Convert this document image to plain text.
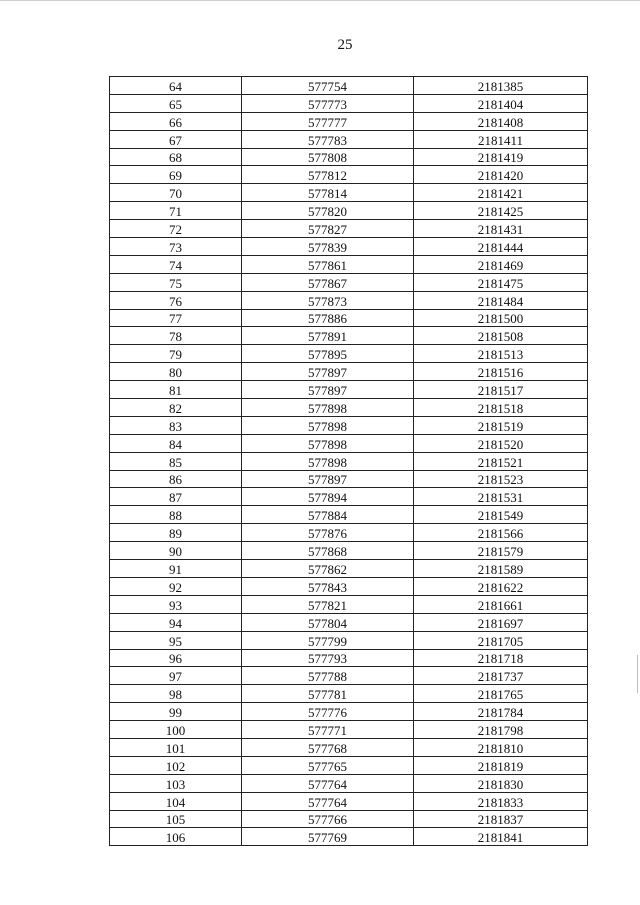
25
64	577754	2181385
65	577773	2181404
66	577777	2181408
67	577783	2181411
68	577808	2181419
69	577812	2181420
70	577814	2181421
71	577820	2181425
72	577827	2181431
73	577839	2181444
74	577861	2181469
75	577867	2181475
76	577873	2181484
77	577886	2181500
78	577891	2181508
79	577895	2181513
80	577897	2181516
81	577897	2181517
82	577898	2181518
83	577898	2181519
84	577898	2181520
85	577898	2181521
86	577897	2181523
87	577894	2181531
88	577884	2181549
89	577876	2181566
90	577868	2181579
91	577862	2181589
92	577843	2181622
93	577821	2181661
94	577804	2181697
95	577799	2181705
96	577793	2181718
97	577788	2181737
98	577781	2181765
99	577776	2181784
100	577771	2181798
101	577768	2181810
102	577765	2181819
103	577764	2181830
104	577764	2181833
105	577766	2181837
106	577769	2181841
